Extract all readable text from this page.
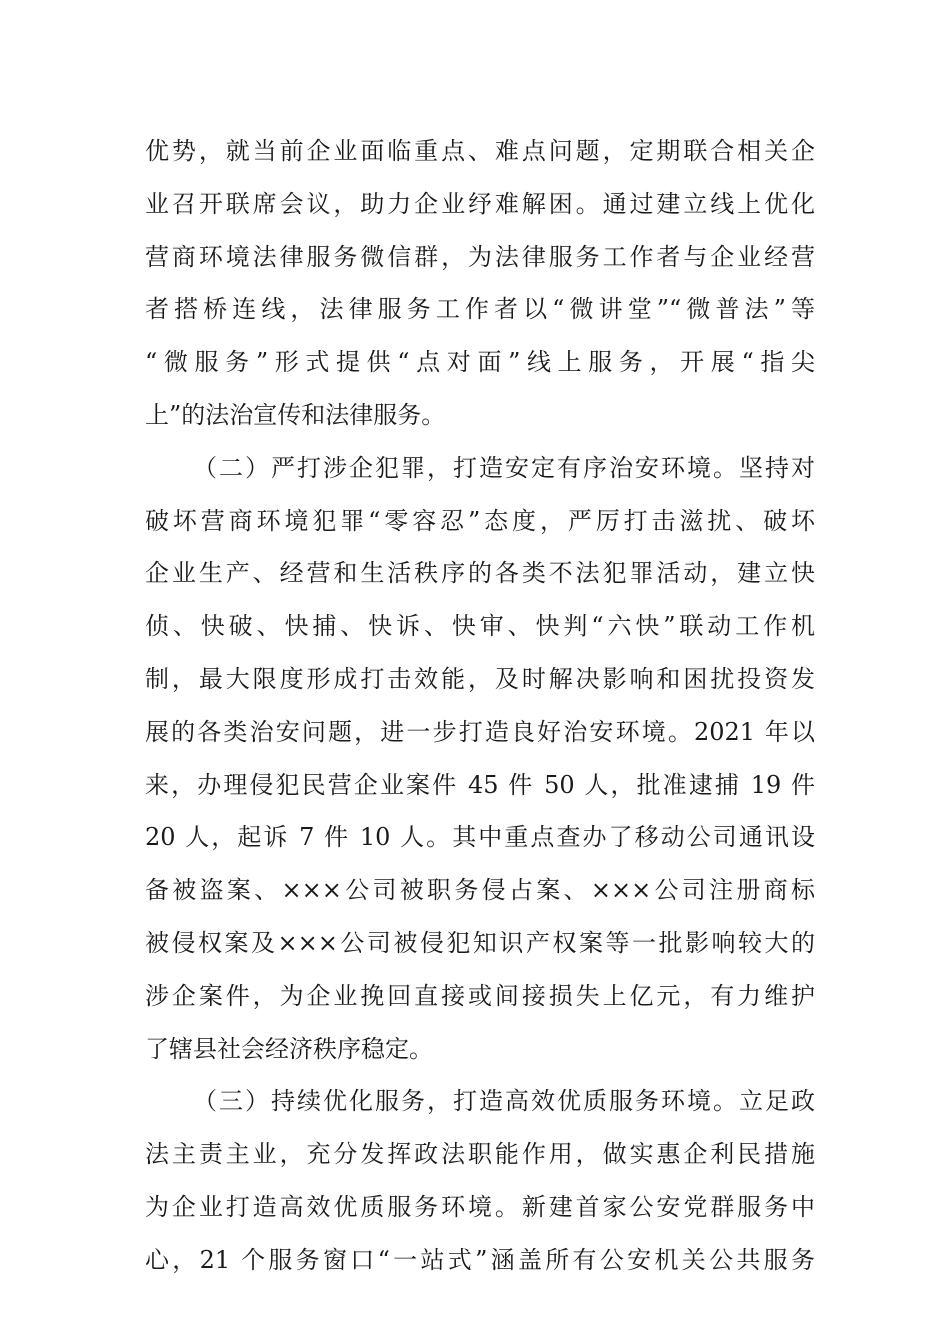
优势，就当前企业面临重点、难点问题，定期联合相关企
业召开联席会议，助力企业纾难解困。通过建立线上优化
营商环境法律服务微信群，为法律服务工作者与企业经营
者搭桥连线，法律服务工作者以“微讲堂”“微普法”等
“微服务”形式提供“点对面”线上服务，开展“指尖
上”的法治宣传和法律服务。
（二）严打涉企犯罪，打造安定有序治安环境。坚持对
破坏营商环境犯罪“零容忍”态度，严厉打击滋扰、破坏
企业生产、经营和生活秩序的各类不法犯罪活动，建立快
侦、快破、快捕、快诉、快审、快判“六快”联动工作机
制，最大限度形成打击效能，及时解决影响和困扰投资发
展的各类治安问题，进一步打造良好治安环境。2021 年以
来，办理侵犯民营企业案件 45 件 50 人，批准逮捕 19 件
20 人，起诉 7 件 10 人。其中重点查办了移动公司通讯设
备被盗案、×××公司被职务侵占案、×××公司注册商标
被侵权案及×××公司被侵犯知识产权案等一批影响较大的
涉企案件，为企业挽回直接或间接损失上亿元，有力维护
了辖县社会经济秩序稳定。
（三）持续优化服务，打造高效优质服务环境。立足政
法主责主业，充分发挥政法职能作用，做实惠企利民措施
为企业打造高效优质服务环境。新建首家公安党群服务中
心，21 个服务窗口“一站式”涵盖所有公安机关公共服务
